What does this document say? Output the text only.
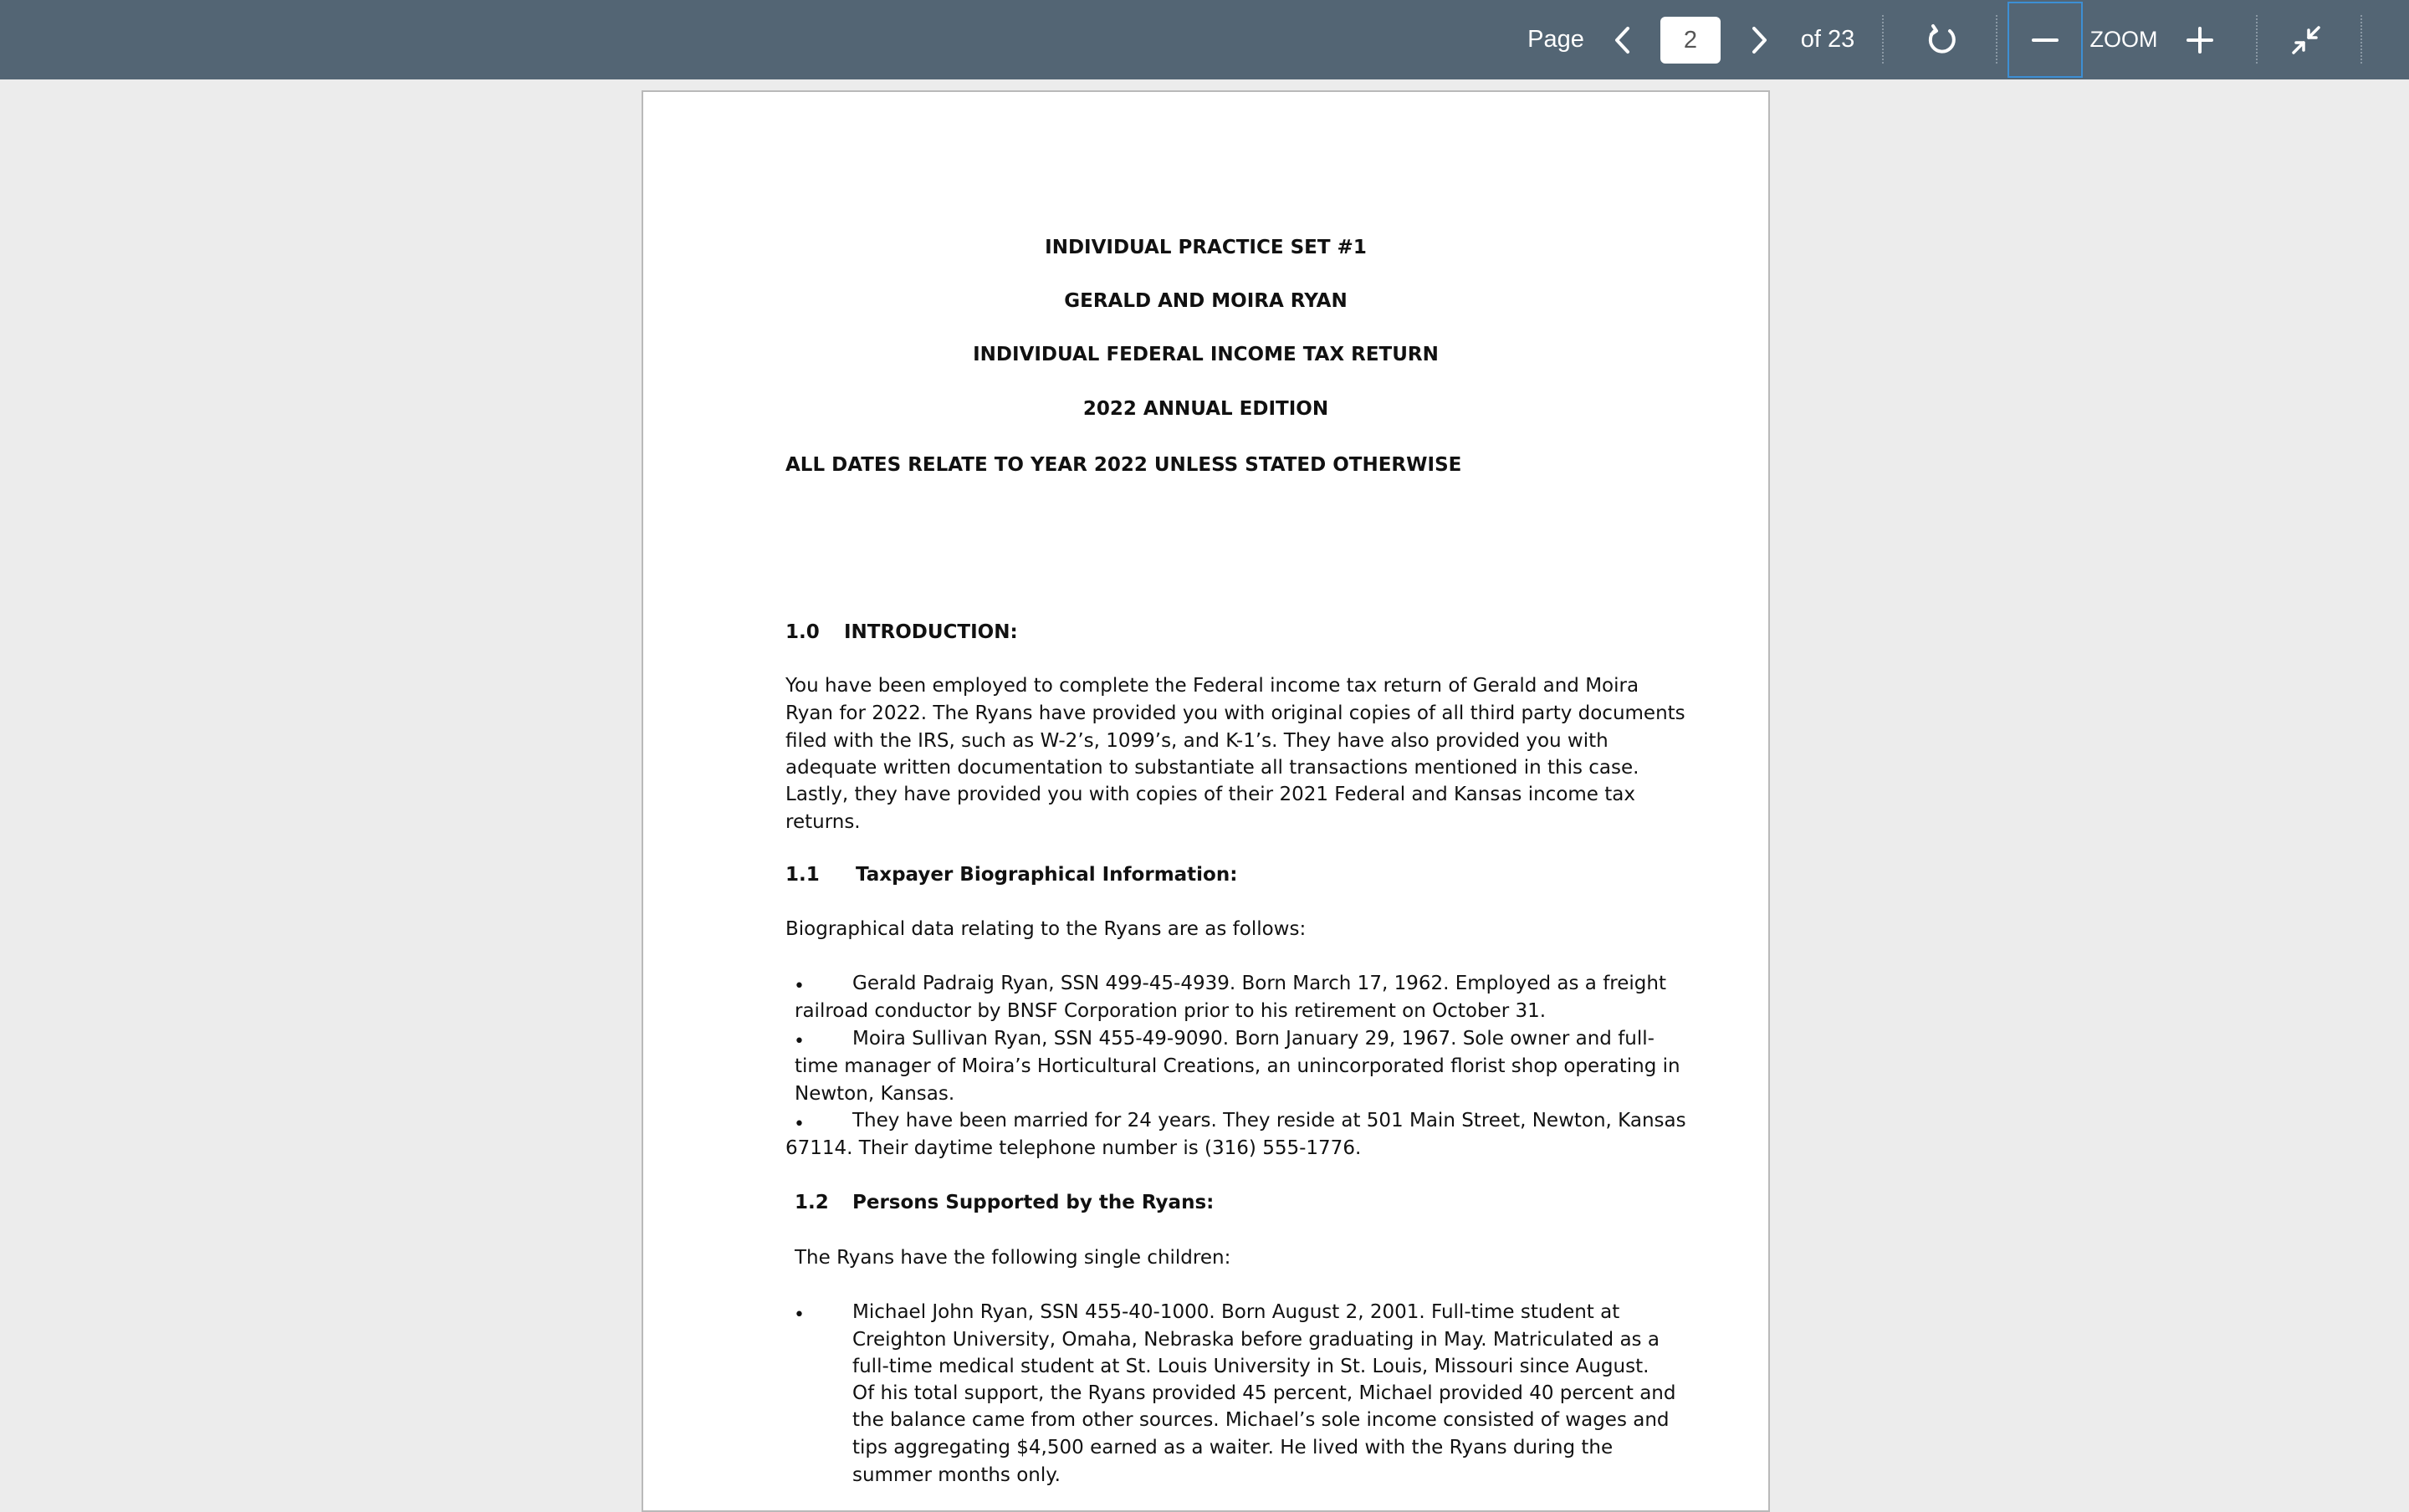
Page
2	of 23	ZOOM
INDIVIDUAL PRACTICE SET #1
GERALD AND MOIRA RYAN
INDIVIDUAL FEDERAL INCOME TAX RETURN
2022 ANNUAL EDITION
ALL DATES RELATE TO YEAR 2022 UNLESS STATED OTHERWISE
1.0 INTRODUCTION:
You have been employed to complete the Federal income tax return of Gerald and Moira
Ryan for 2022. The Ryans have provided you with original copies of all third party documents
filed with the IRS, such as W-2’s, 1099’s, and K-1’s. They have also provided you with
adequate written documentation to substantiate all transactions mentioned in this case.
Lastly, they have provided you with copies of their 2021 Federal and Kansas income tax
returns.
1.1 Taxpayer Biographical Information:
Biographical data relating to the Ryans are as follows:
• Gerald Padraig Ryan, SSN 499-45-4939. Born March 17, 1962. Employed as a freight
railroad conductor by BNSF Corporation prior to his retirement on October 31.
• Moira Sullivan Ryan, SSN 455-49-9090. Born January 29, 1967. Sole owner and full-
time manager of Moira’s Horticultural Creations, an unincorporated florist shop operating in
Newton, Kansas.
• They have been married for 24 years. They reside at 501 Main Street, Newton, Kansas
67114. Their daytime telephone number is (316) 555-1776.
1.2 Persons Supported by the Ryans:
The Ryans have the following single children:
• Michael John Ryan, SSN 455-40-1000. Born August 2, 2001. Full-time student at
Creighton University, Omaha, Nebraska before graduating in May. Matriculated as a
full-time medical student at St. Louis University in St. Louis, Missouri since August.
Of his total support, the Ryans provided 45 percent, Michael provided 40 percent and
the balance came from other sources. Michael’s sole income consisted of wages and
tips aggregating $4,500 earned as a waiter. He lived with the Ryans during the
summer months only.
